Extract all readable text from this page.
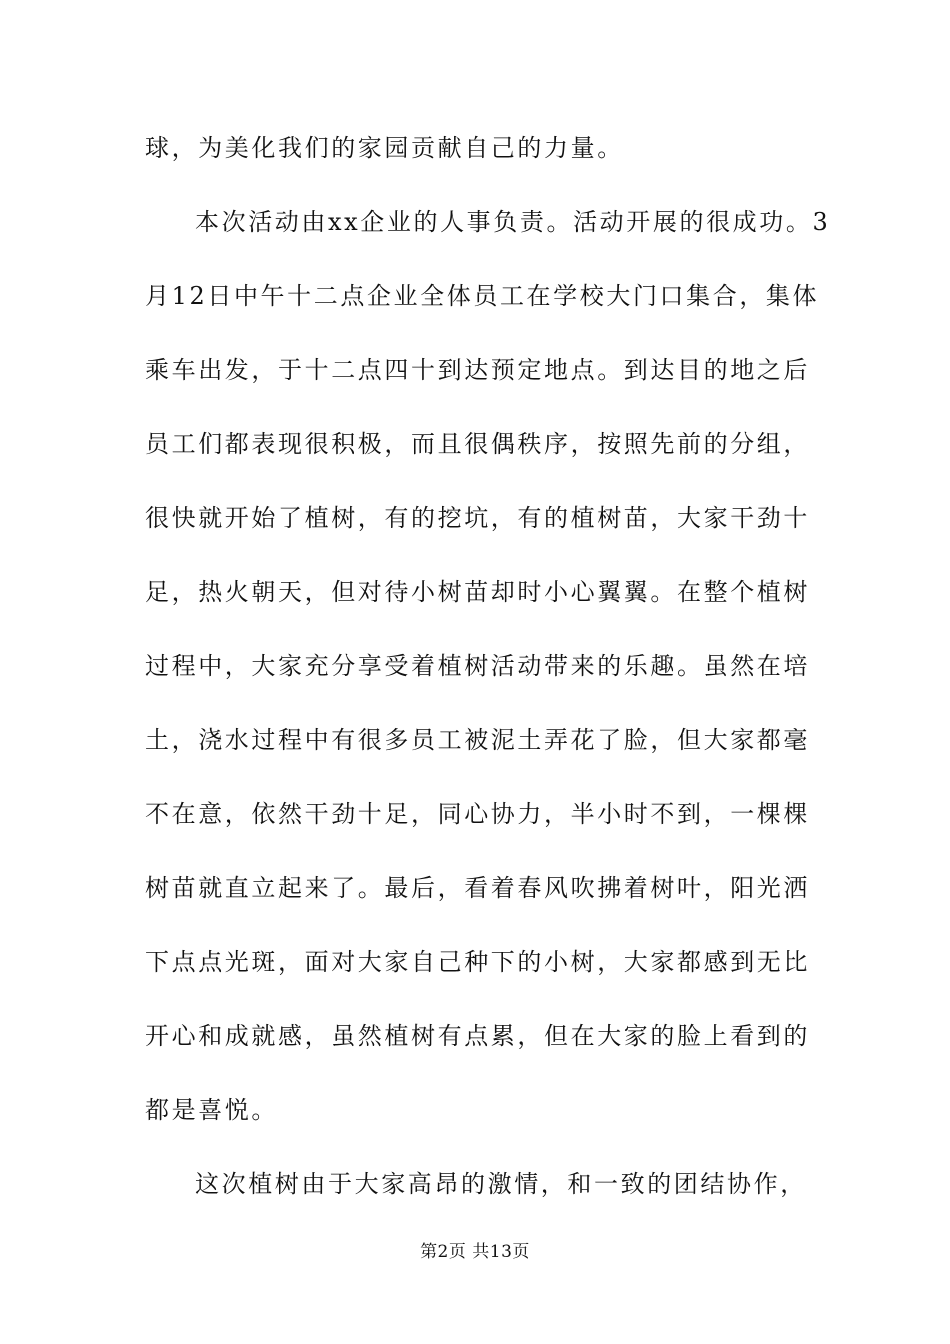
球，为美化我们的家园贡献自己的力量。
本次活动由xx企业的人事负责。活动开展的很成功。3
月12日中午十二点企业全体员工在学校大门口集合，集体
乘车出发，于十二点四十到达预定地点。到达目的地之后
员工们都表现很积极，而且很偶秩序，按照先前的分组，
很快就开始了植树，有的挖坑，有的植树苗，大家干劲十
足，热火朝天，但对待小树苗却时小心翼翼。在整个植树
过程中，大家充分享受着植树活动带来的乐趣。虽然在培
土，浇水过程中有很多员工被泥土弄花了脸，但大家都毫
不在意，依然干劲十足，同心协力，半小时不到，一棵棵
树苗就直立起来了。最后，看着春风吹拂着树叶，阳光洒
下点点光斑，面对大家自己种下的小树，大家都感到无比
开心和成就感，虽然植树有点累，但在大家的脸上看到的
都是喜悦。
这次植树由于大家高昂的激情，和一致的团结协作，
第2页 共13页
